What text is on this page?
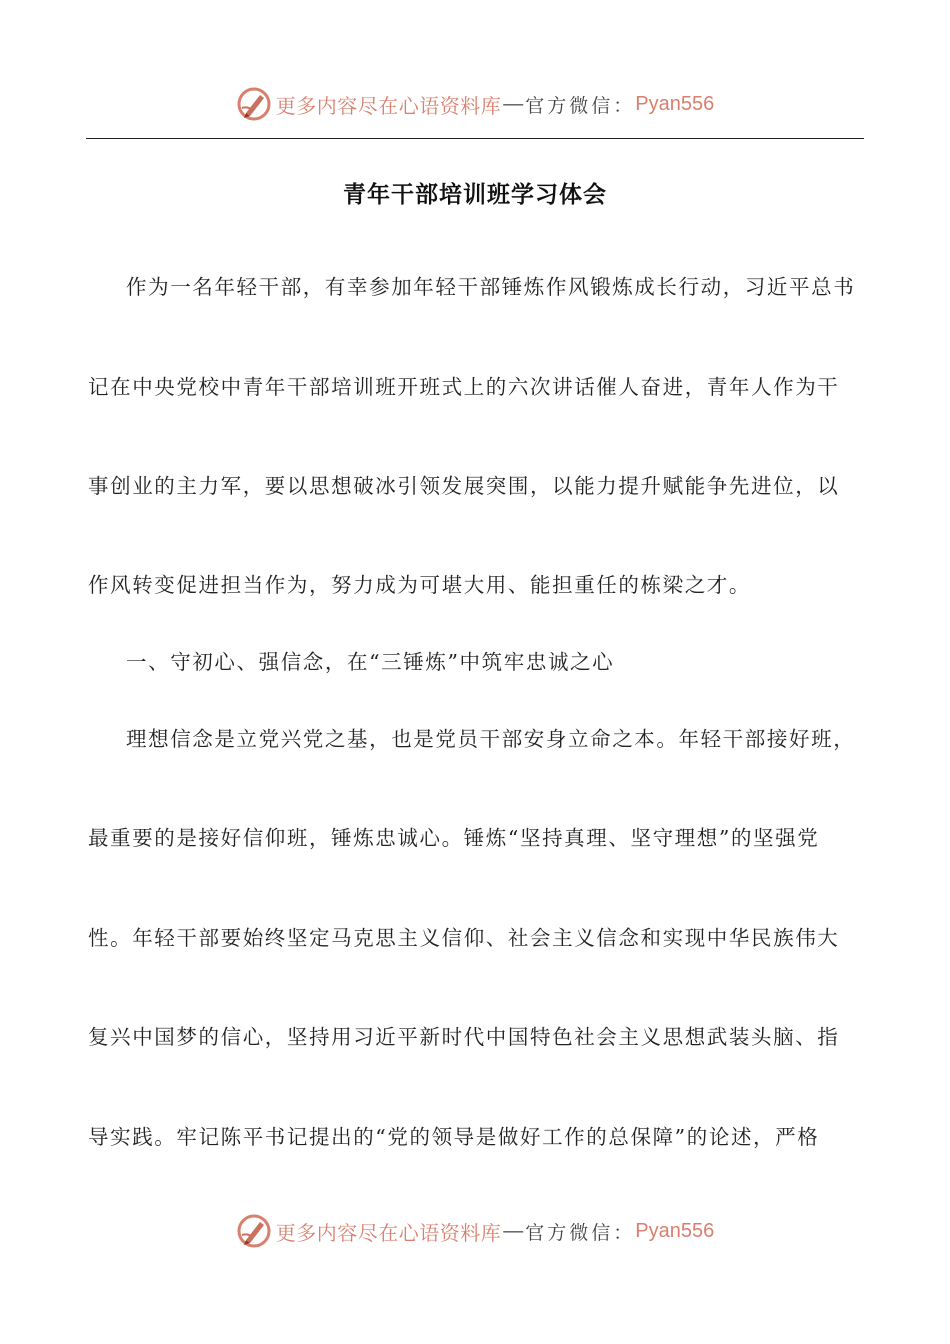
更多内容尽在心语资料库 — 官方微信： Pyan556
青年干部培训班学习体会
作为一名年轻干部，有幸参加年轻干部锤炼作风锻炼成长行动，习近平总书
记在中央党校中青年干部培训班开班式上的六次讲话催人奋进，青年人作为干
事创业的主力军，要以思想破冰引领发展突围，以能力提升赋能争先进位，以
作风转变促进担当作为，努力成为可堪大用、能担重任的栋梁之才。
一、守初心、强信念，在“三锤炼”中筑牢忠诚之心
理想信念是立党兴党之基，也是党员干部安身立命之本。年轻干部接好班，
最重要的是接好信仰班，锤炼忠诚心。锤炼“坚持真理、坚守理想”的坚强党
性。年轻干部要始终坚定马克思主义信仰、社会主义信念和实现中华民族伟大
复兴中国梦的信心，坚持用习近平新时代中国特色社会主义思想武装头脑、指
导实践。牢记陈平书记提出的“党的领导是做好工作的总保障”的论述，严格
更多内容尽在心语资料库 — 官方微信： Pyan556
